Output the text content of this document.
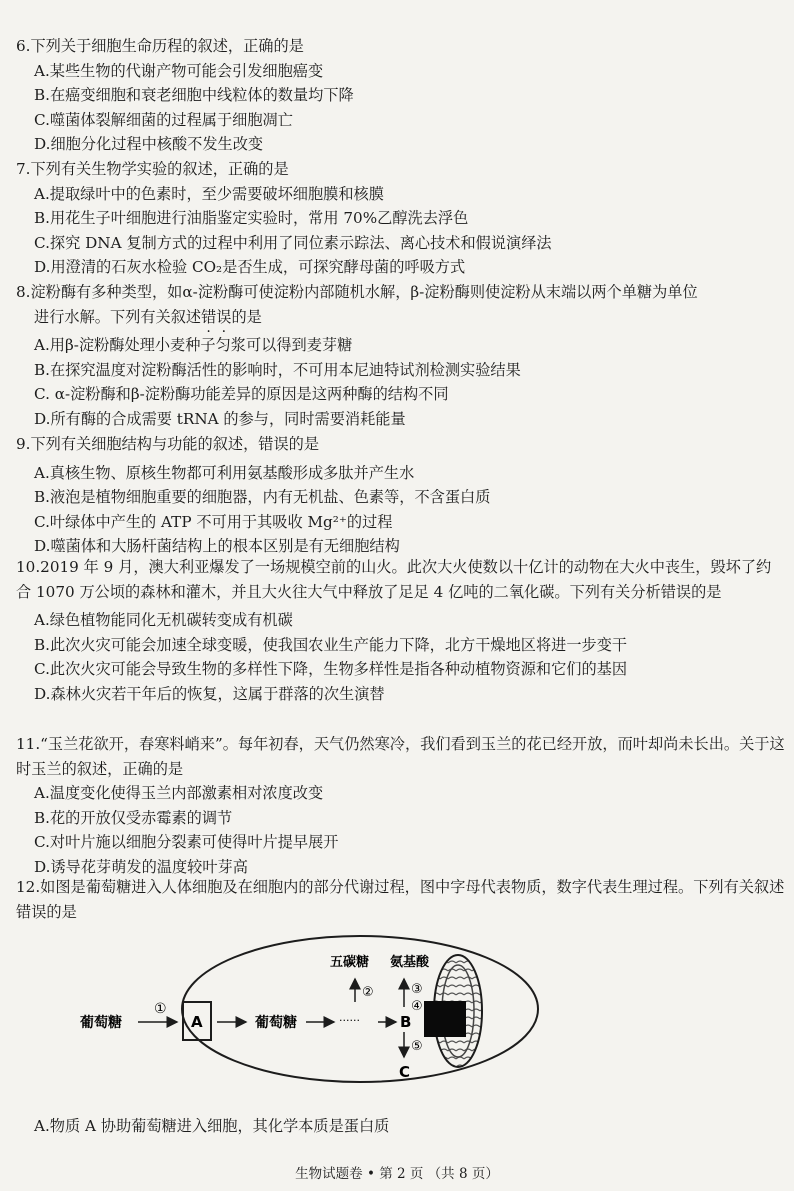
6.下列关于细胞生命历程的叙述，正确的是

A.某些生物的代谢产物可能会引发细胞癌变

B.在癌变细胞和衰老细胞中线粒体的数量均下降

C.噬菌体裂解细菌的过程属于细胞凋亡

D.细胞分化过程中核酸不发生改变

7.下列有关生物学实验的叙述，正确的是

A.提取绿叶中的色素时，至少需要破坏细胞膜和核膜

B.用花生子叶细胞进行油脂鉴定实验时，常用 70%乙醇洗去浮色

C.探究 DNA 复制方式的过程中利用了同位素示踪法、离心技术和假说演绎法

D.用澄清的石灰水检验 CO₂是否生成，可探究酵母菌的呼吸方式

8.淀粉酶有多种类型，如α-淀粉酶可使淀粉内部随机水解，β-淀粉酶则使淀粉从末端以两个单糖为单位

进行水解。下列有关叙述错误的是

A.用β-淀粉酶处理小麦种子匀浆可以得到麦芽糖

B.在探究温度对淀粉酶活性的影响时，不可用本尼迪特试剂检测实验结果

C. α-淀粉酶和β-淀粉酶功能差异的原因是这两种酶的结构不同

D.所有酶的合成需要 tRNA 的参与，同时需要消耗能量

9.下列有关细胞结构与功能的叙述，错误的是

A.真核生物、原核生物都可利用氨基酸形成多肽并产生水

B.液泡是植物细胞重要的细胞器，内有无机盐、色素等，不含蛋白质

C.叶绿体中产生的 ATP 不可用于其吸收 Mg²⁺的过程

D.噬菌体和大肠杆菌结构上的根本区别是有无细胞结构

10.2019 年 9 月，澳大利亚爆发了一场规模空前的山火。此次大火使数以十亿计的动物在大火中丧生，毁坏了约合 1070 万公顷的森林和灌木，并且大火往大气中释放了足足 4 亿吨的二氧化碳。下列有关分析错误的是

A.绿色植物能同化无机碳转变成有机碳

B.此次火灾可能会加速全球变暖，使我国农业生产能力下降，北方干燥地区将进一步变干

C.此次火灾可能会导致生物的多样性下降，生物多样性是指各种动植物资源和它们的基因

D.森林火灾若干年后的恢复，这属于群落的次生演替

11.“玉兰花欲开，春寒料峭来”。每年初春，天气仍然寒冷，我们看到玉兰的花已经开放，而叶却尚未长出。关于这时玉兰的叙述，正确的是

A.温度变化使得玉兰内部激素相对浓度改变

B.花的开放仅受赤霉素的调节

C.对叶片施以细胞分裂素可使得叶片提早展开

D.诱导花芽萌发的温度较叶芽高

12.如图是葡萄糖进入人体细胞及在细胞内的部分代谢过程，图中字母代表物质，数字代表生理过程。下列有关叙述错误的是

葡萄糖
①
A	葡萄糖	······	B
五碳糖
②
氨基酸
③
④
⑤
C

A.物质 A 协助葡萄糖进入细胞，其化学本质是蛋白质

生物试题卷 • 第 2 页 （共 8 页）
